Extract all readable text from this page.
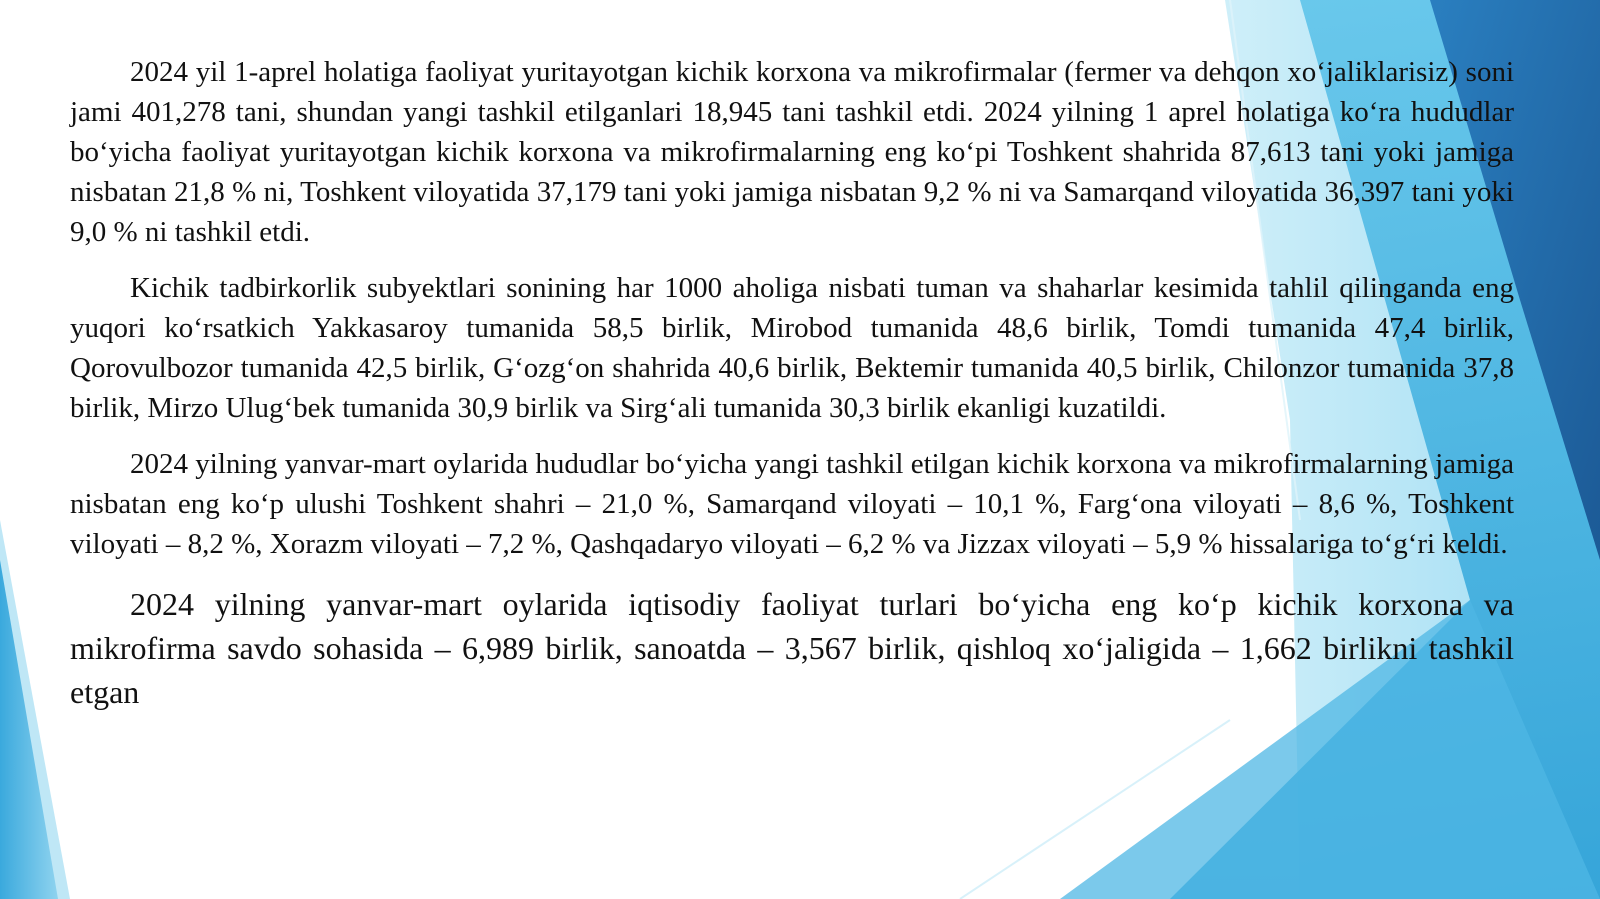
2024 yil 1-aprel holatiga faoliyat yuritayotgan kichik korxona va mikrofirmalar (fermer va dehqon xo‘jaliklarisiz) soni jami 401,278 tani, shundan yangi tashkil etilganlari 18,945 tani tashkil etdi. 2024 yilning 1 aprel holatiga ko‘ra hududlar bo‘yicha faoliyat yuritayotgan kichik korxona va mikrofirmalarning eng ko‘pi Toshkent shahrida 87,613 tani yoki jamiga nisbatan 21,8 % ni, Toshkent viloyatida 37,179 tani yoki jamiga nisbatan 9,2 % ni va Samarqand viloyatida 36,397 tani yoki 9,0 % ni tashkil etdi.

Kichik tadbirkorlik subyektlari sonining har 1000 aholiga nisbati tuman va shaharlar kesimida tahlil qilinganda eng yuqori ko‘rsatkich Yakkasaroy tumanida 58,5 birlik, Mirobod tumanida 48,6 birlik, Tomdi tumanida 47,4 birlik, Qorovulbozor tumanida 42,5 birlik, G‘ozg‘on shahrida 40,6 birlik, Bektemir tumanida 40,5 birlik, Chilonzor tumanida 37,8 birlik, Mirzo Ulug‘bek tumanida 30,9 birlik va Sirg‘ali tumanida 30,3 birlik ekanligi kuzatildi.

2024 yilning yanvar-mart oylarida hududlar bo‘yicha yangi tashkil etilgan kichik korxona va mikrofirmalarning jamiga nisbatan eng ko‘p ulushi Toshkent shahri – 21,0 %, Samarqand viloyati – 10,1 %, Farg‘ona viloyati – 8,6 %, Toshkent viloyati – 8,2 %, Xorazm viloyati – 7,2 %, Qashqadaryo viloyati – 6,2 % va Jizzax viloyati – 5,9 % hissalariga to‘g‘ri keldi.

2024 yilning yanvar-mart oylarida iqtisodiy faoliyat turlari bo‘yicha eng ko‘p kichik korxona va mikrofirma savdo sohasida – 6,989 birlik, sanoatda – 3,567 birlik, qishloq xo‘jaligida – 1,662 birlikni tashkil etgan
